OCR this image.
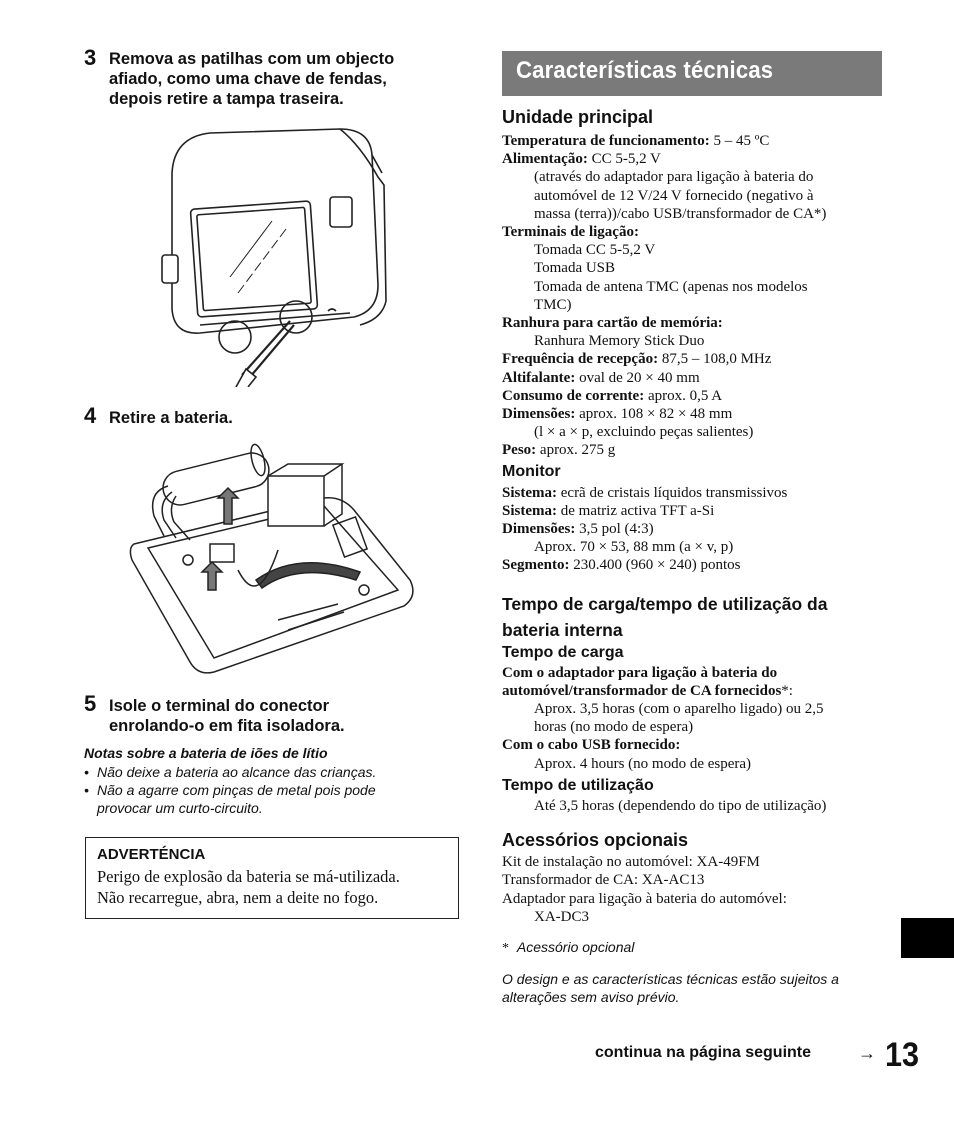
3 Remova as patilhas com um objecto
afiado, como uma chave de fendas,
depois retire a tampa traseira.
4 Retire a bateria.
5 Isole o terminal do conector
enrolando-o em fita isoladora.
Notas sobre a bateria de iões de lítio
• Não deixe a bateria ao alcance das crianças.
• Não a agarre com pinças de metal pois pode
provocar um curto-circuito.
ADVERTÉNCIA
Perigo de explosão da bateria se má-utilizada.
Não recarregue, abra, nem a deite no fogo.
Características técnicas
Unidade principal
Temperatura de funcionamento: 5 – 45 ºC
Alimentação: CC 5-5,2 V
(através do adaptador para ligação à bateria do
automóvel de 12 V/24 V fornecido (negativo à
massa (terra))/cabo USB/transformador de CA*)
Terminais de ligação:
Tomada CC 5-5,2 V
Tomada USB
Tomada de antena TMC (apenas nos modelos
TMC)
Ranhura para cartão de memória:
Ranhura Memory Stick Duo
Frequência de recepção: 87,5 – 108,0 MHz
Altifalante: oval de 20 × 40 mm
Consumo de corrente: aprox. 0,5 A
Dimensões: aprox. 108 × 82 × 48 mm
(l × a × p, excluindo peças salientes)
Peso: aprox. 275 g
Monitor
Sistema: ecrã de cristais líquidos transmissivos
Sistema: de matriz activa TFT a-Si
Dimensões: 3,5 pol (4:3)
Aprox. 70 × 53, 88 mm (a × v, p)
Segmento: 230.400 (960 × 240) pontos
Tempo de carga/tempo de utilização da
bateria interna
Tempo de carga
Com o adaptador para ligação à bateria do
automóvel/transformador de CA fornecidos*:
Aprox. 3,5 horas (com o aparelho ligado) ou 2,5
horas (no modo de espera)
Com o cabo USB fornecido:
Aprox. 4 hours (no modo de espera)
Tempo de utilização
Até 3,5 horas (dependendo do tipo de utilização)
Acessórios opcionais
Kit de instalação no automóvel: XA-49FM
Transformador de CA: XA-AC13
Adaptador para ligação à bateria do automóvel:
XA-DC3
* Acessório opcional
O design e as características técnicas estão sujeitos a
alterações sem aviso prévio.
continua na página seguinte	→ 13
